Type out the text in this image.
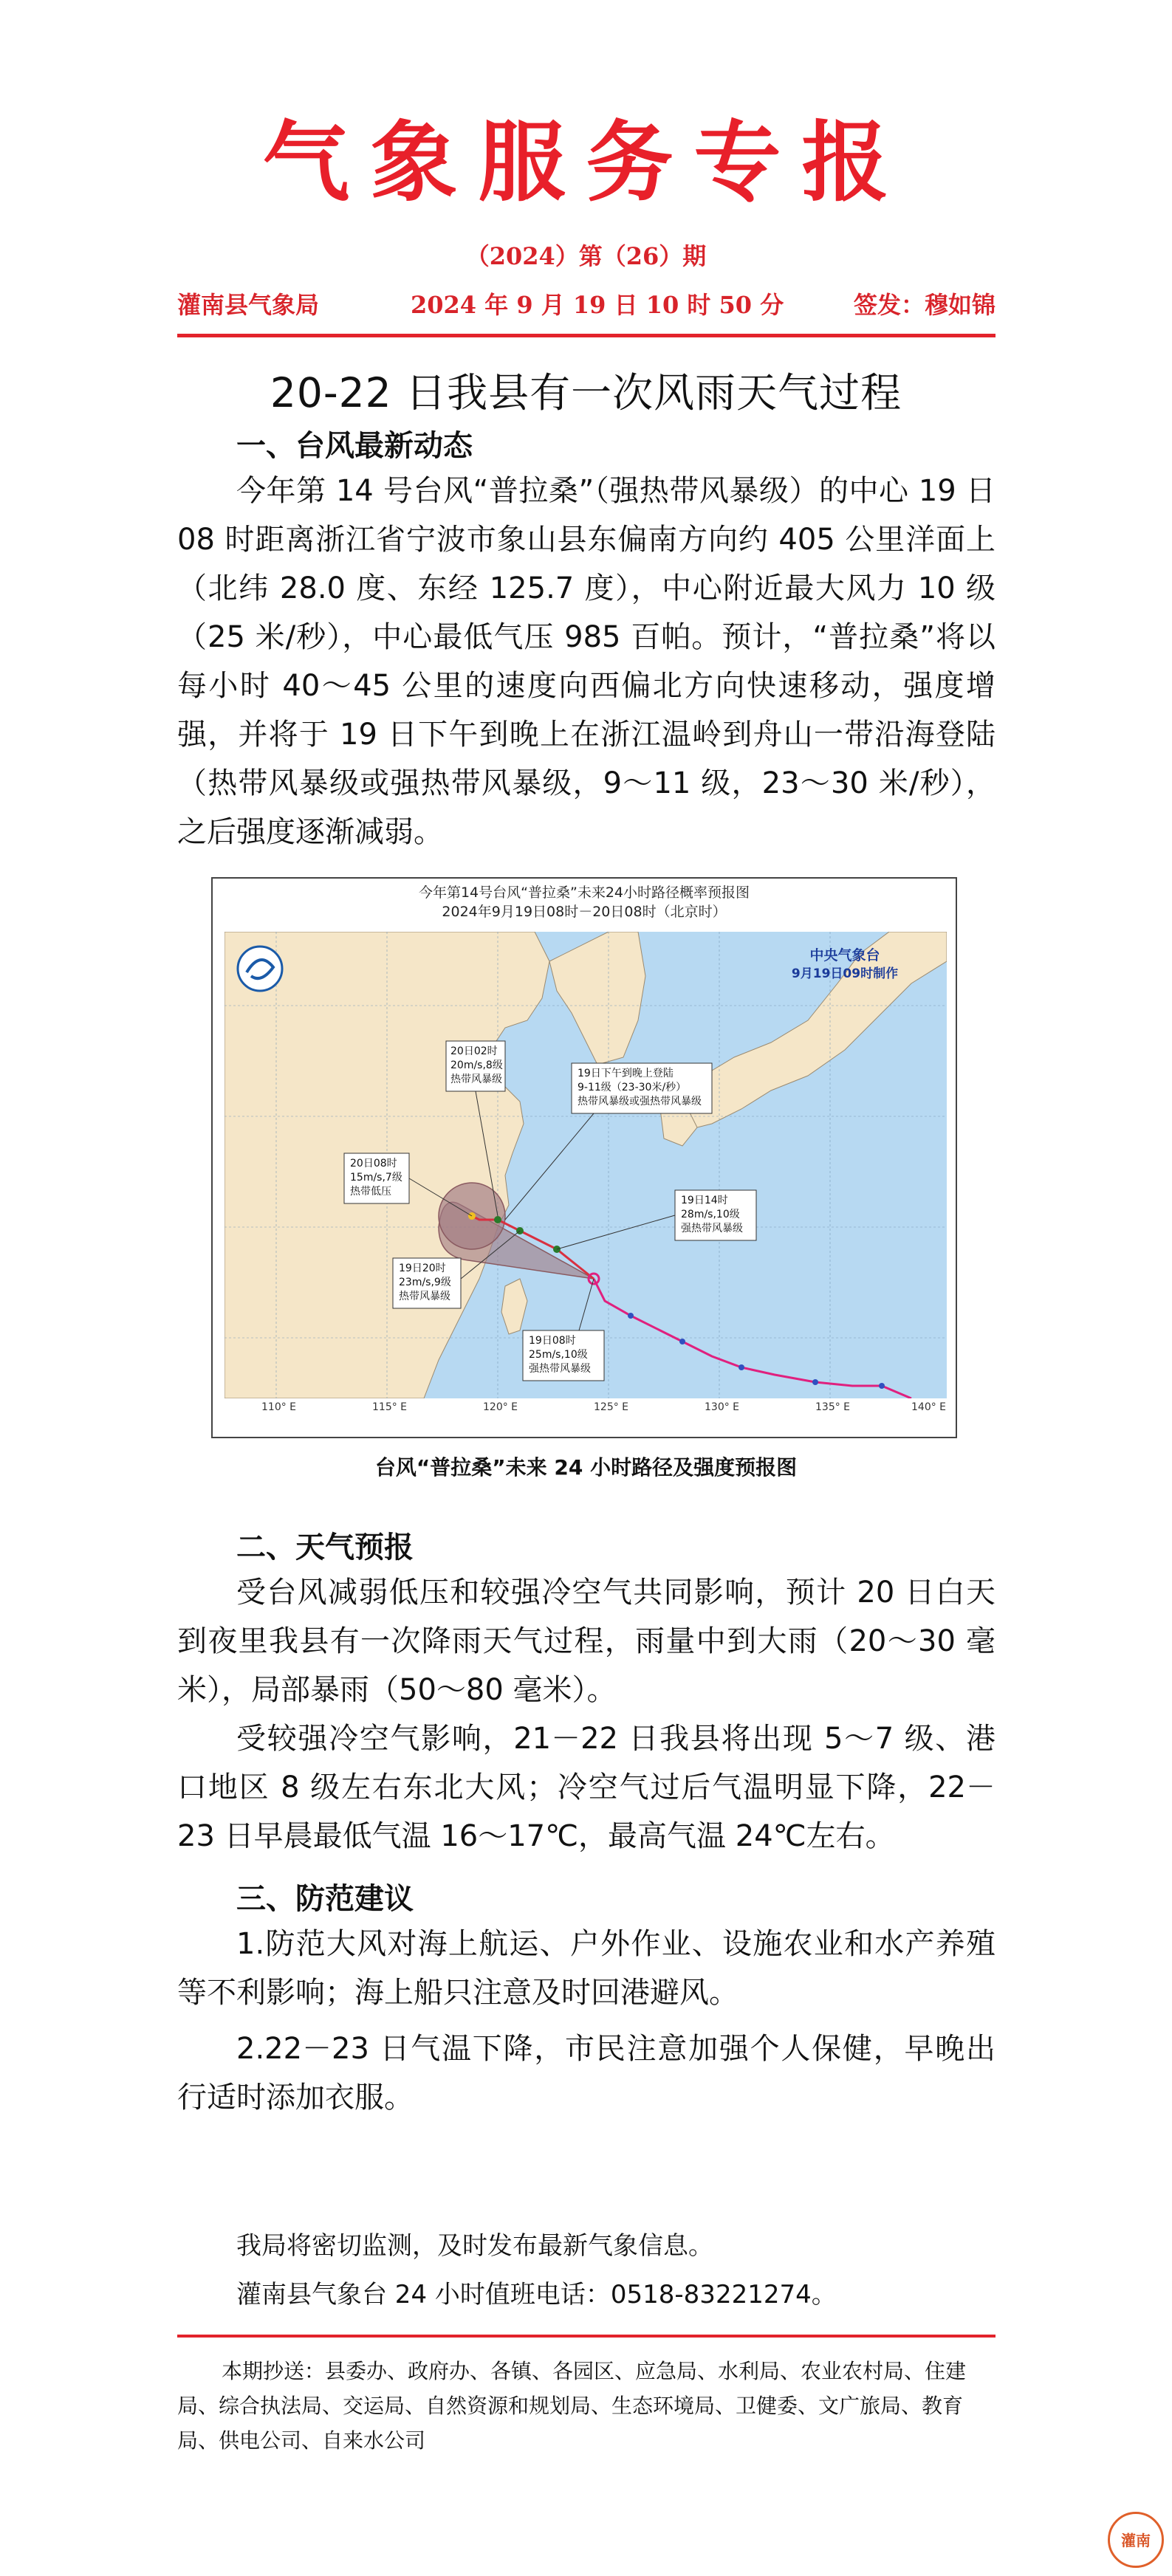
气象服务专报
（2024）第（26）期
灌南县气象局	2024 年 9 月 19 日 10 时 50 分	签发：穆如锦
20-22 日我县有一次风雨天气过程
一、台风最新动态
今年第 14 号台风“普拉桑”（强热带风暴级）的中心 19 日 08 时距离浙江省宁波市象山县东偏南方向约 405 公里洋面上（北纬 28.0 度、东经 125.7 度），中心附近最大风力 10 级（25 米/秒），中心最低气压 985 百帕。预计，“普拉桑”将以每小时 40～45 公里的速度向西偏北方向快速移动，强度增强，并将于 19 日下午到晚上在浙江温岭到舟山一带沿海登陆（热带风暴级或强热带风暴级，9～11 级，23～30 米/秒），之后强度逐渐减弱。
今年第14号台风“普拉桑”未来24小时路径概率预报图
2024年9月19日08时－20日08时（北京时）
中央气象台
9月19日09时制作
20日02时
20m/s,8级
热带风暴级	19日下午到晚上登陆
9-11级（23-30米/秒）
热带风暴级或强热带风暴级
20日08时
15m/s,7级
热带低压
19日14时
28m/s,10级
强热带风暴级
19日20时
23m/s,9级
热带风暴级
19日08时
25m/s,10级
强热带风暴级
110° E	115° E	120° E	125° E	130° E	135° E	140° E
台风“普拉桑”未来 24 小时路径及强度预报图
二、天气预报
受台风减弱低压和较强冷空气共同影响，预计 20 日白天到夜里我县有一次降雨天气过程，雨量中到大雨（20～30 毫米），局部暴雨（50～80 毫米）。
受较强冷空气影响，21－22 日我县将出现 5～7 级、港口地区 8 级左右东北大风；冷空气过后气温明显下降，22－23 日早晨最低气温 16～17℃，最高气温 24℃左右。
三、防范建议
1.防范大风对海上航运、户外作业、设施农业和水产养殖等不利影响；海上船只注意及时回港避风。
2.22－23 日气温下降，市民注意加强个人保健，早晚出行适时添加衣服。
我局将密切监测，及时发布最新气象信息。
灌南县气象台 24 小时值班电话：0518-83221274。
本期抄送：县委办、政府办、各镇、各园区、应急局、水利局、农业农村局、住建局、综合执法局、交运局、自然资源和规划局、生态环境局、卫健委、文广旅局、教育局、供电公司、自来水公司
灌南
